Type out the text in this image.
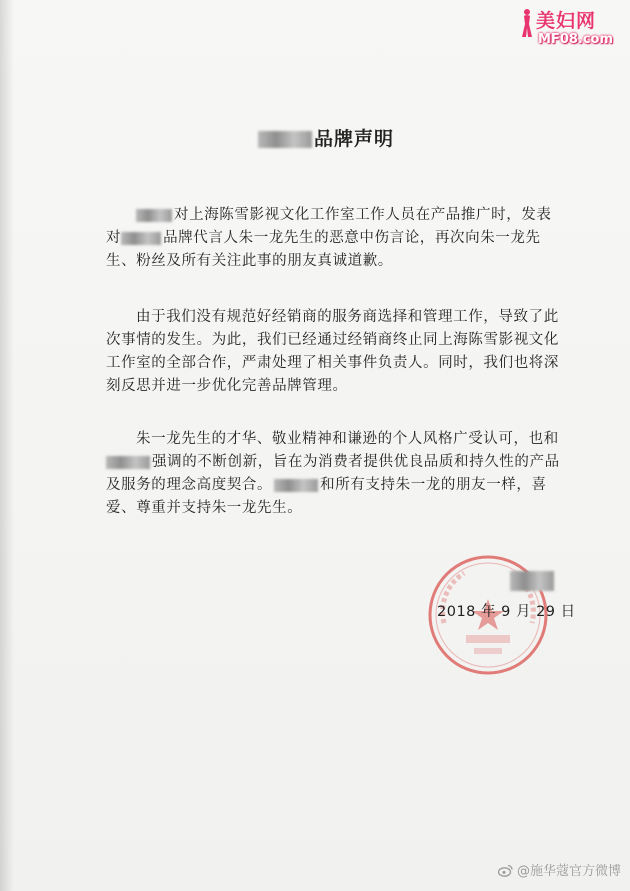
美妇网
MF08.com
品牌声明
对上海陈雪影视文化工作室工作人员在产品推广时，发表
对	品牌代言人朱一龙先生的恶意中伤言论，再次向朱一龙先
生、粉丝及所有关注此事的朋友真诚道歉。
由于我们没有规范好经销商的服务商选择和管理工作，导致了此
次事情的发生。为此，我们已经通过经销商终止同上海陈雪影视文化
工作室的全部合作，严肃处理了相关事件负责人。同时，我们也将深
刻反思并进一步优化完善品牌管理。
朱一龙先生的才华、敬业精神和谦逊的个人风格广受认可，也和
强调的不断创新，旨在为消费者提供优良品质和持久性的产品
及服务的理念高度契合。	和所有支持朱一龙的朋友一样，喜
爱、尊重并支持朱一龙先生。
2018 年 9 月 29 日
@施华蔻官方微博
